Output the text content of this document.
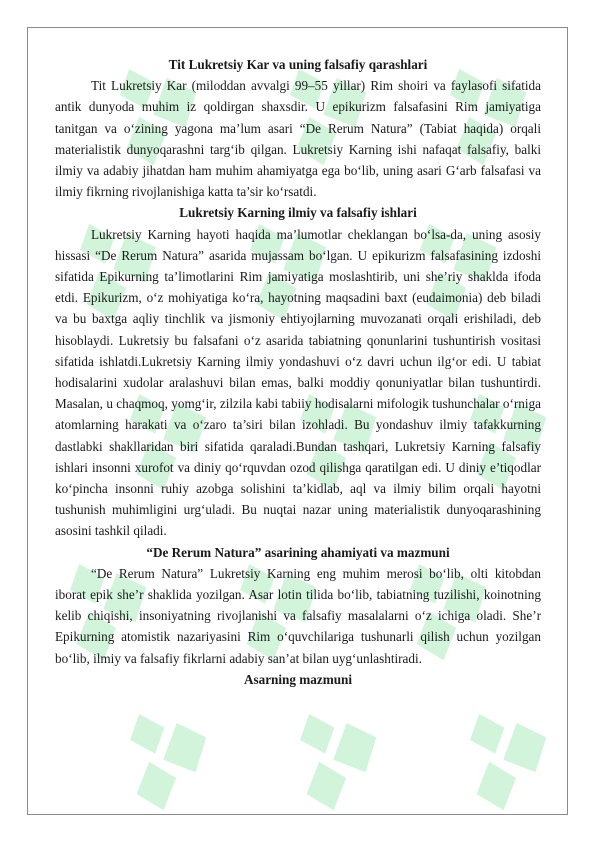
Tit Lukretsiy Kar va uning falsafiy qarashlari

Tit Lukretsiy Kar (miloddan avvalgi 99–55 yillar) Rim shoiri va faylasofi sifatida antik dunyoda muhim iz qoldirgan shaxsdir. U epikurizm falsafasini Rim jamiyatiga tanitgan va o‘zining yagona ma’lum asari “De Rerum Natura” (Tabiat haqida) orqali materialistik dunyoqarashni targ‘ib qilgan. Lukretsiy Karning ishi nafaqat falsafiy, balki ilmiy va adabiy jihatdan ham muhim ahamiyatga ega bo‘lib, uning asari G‘arb falsafasi va ilmiy fikrning rivojlanishiga katta ta’sir ko‘rsatdi.

Lukretsiy Karning ilmiy va falsafiy ishlari

Lukretsiy Karning hayoti haqida ma’lumotlar cheklangan bo‘lsa-da, uning asosiy hissasi “De Rerum Natura” asarida mujassam bo‘lgan. U epikurizm falsafasining izdoshi sifatida Epikurning ta’limotlarini Rim jamiyatiga moslashtirib, uni she’riy shaklda ifoda etdi. Epikurizm, o‘z mohiyatiga ko‘ra, hayotning maqsadini baxt (eudaimonia) deb biladi va bu baxtga aqliy tinchlik va jismoniy ehtiyojlarning muvozanati orqali erishiladi, deb hisoblaydi. Lukretsiy bu falsafani o‘z asarida tabiatning qonunlarini tushuntirish vositasi sifatida ishlatdi.Lukretsiy Karning ilmiy yondashuvi o‘z davri uchun ilg‘or edi. U tabiat hodisalarini xudolar aralashuvi bilan emas, balki moddiy qonuniyatlar bilan tushuntirdi. Masalan, u chaqmoq, yomg‘ir, zilzila kabi tabiiy hodisalarni mifologik tushunchalar o‘rniga atomlarning harakati va o‘zaro ta’siri bilan izohladi. Bu yondashuv ilmiy tafakkurning dastlabki shakllaridan biri sifatida qaraladi.Bundan tashqari, Lukretsiy Karning falsafiy ishlari insonni xurofot va diniy qo‘rquvdan ozod qilishga qaratilgan edi. U diniy e’tiqodlar ko‘pincha insonni ruhiy azobga solishini ta’kidlab, aql va ilmiy bilim orqali hayotni tushunish muhimligini urg‘uladi. Bu nuqtai nazar uning materialistik dunyoqarashining asosini tashkil qiladi.

“De Rerum Natura” asarining ahamiyati va mazmuni

“De Rerum Natura” Lukretsiy Karning eng muhim merosi bo‘lib, olti kitobdan iborat epik she’r shaklida yozilgan. Asar lotin tilida bo‘lib, tabiatning tuzilishi, koinotning kelib chiqishi, insoniyatning rivojlanishi va falsafiy masalalarni o‘z ichiga oladi. She’r Epikurning atomistik nazariyasini Rim o‘quvchilariga tushunarli qilish uchun yozilgan bo‘lib, ilmiy va falsafiy fikrlarni adabiy san’at bilan uyg‘unlashtiradi.

Asarning mazmuni
